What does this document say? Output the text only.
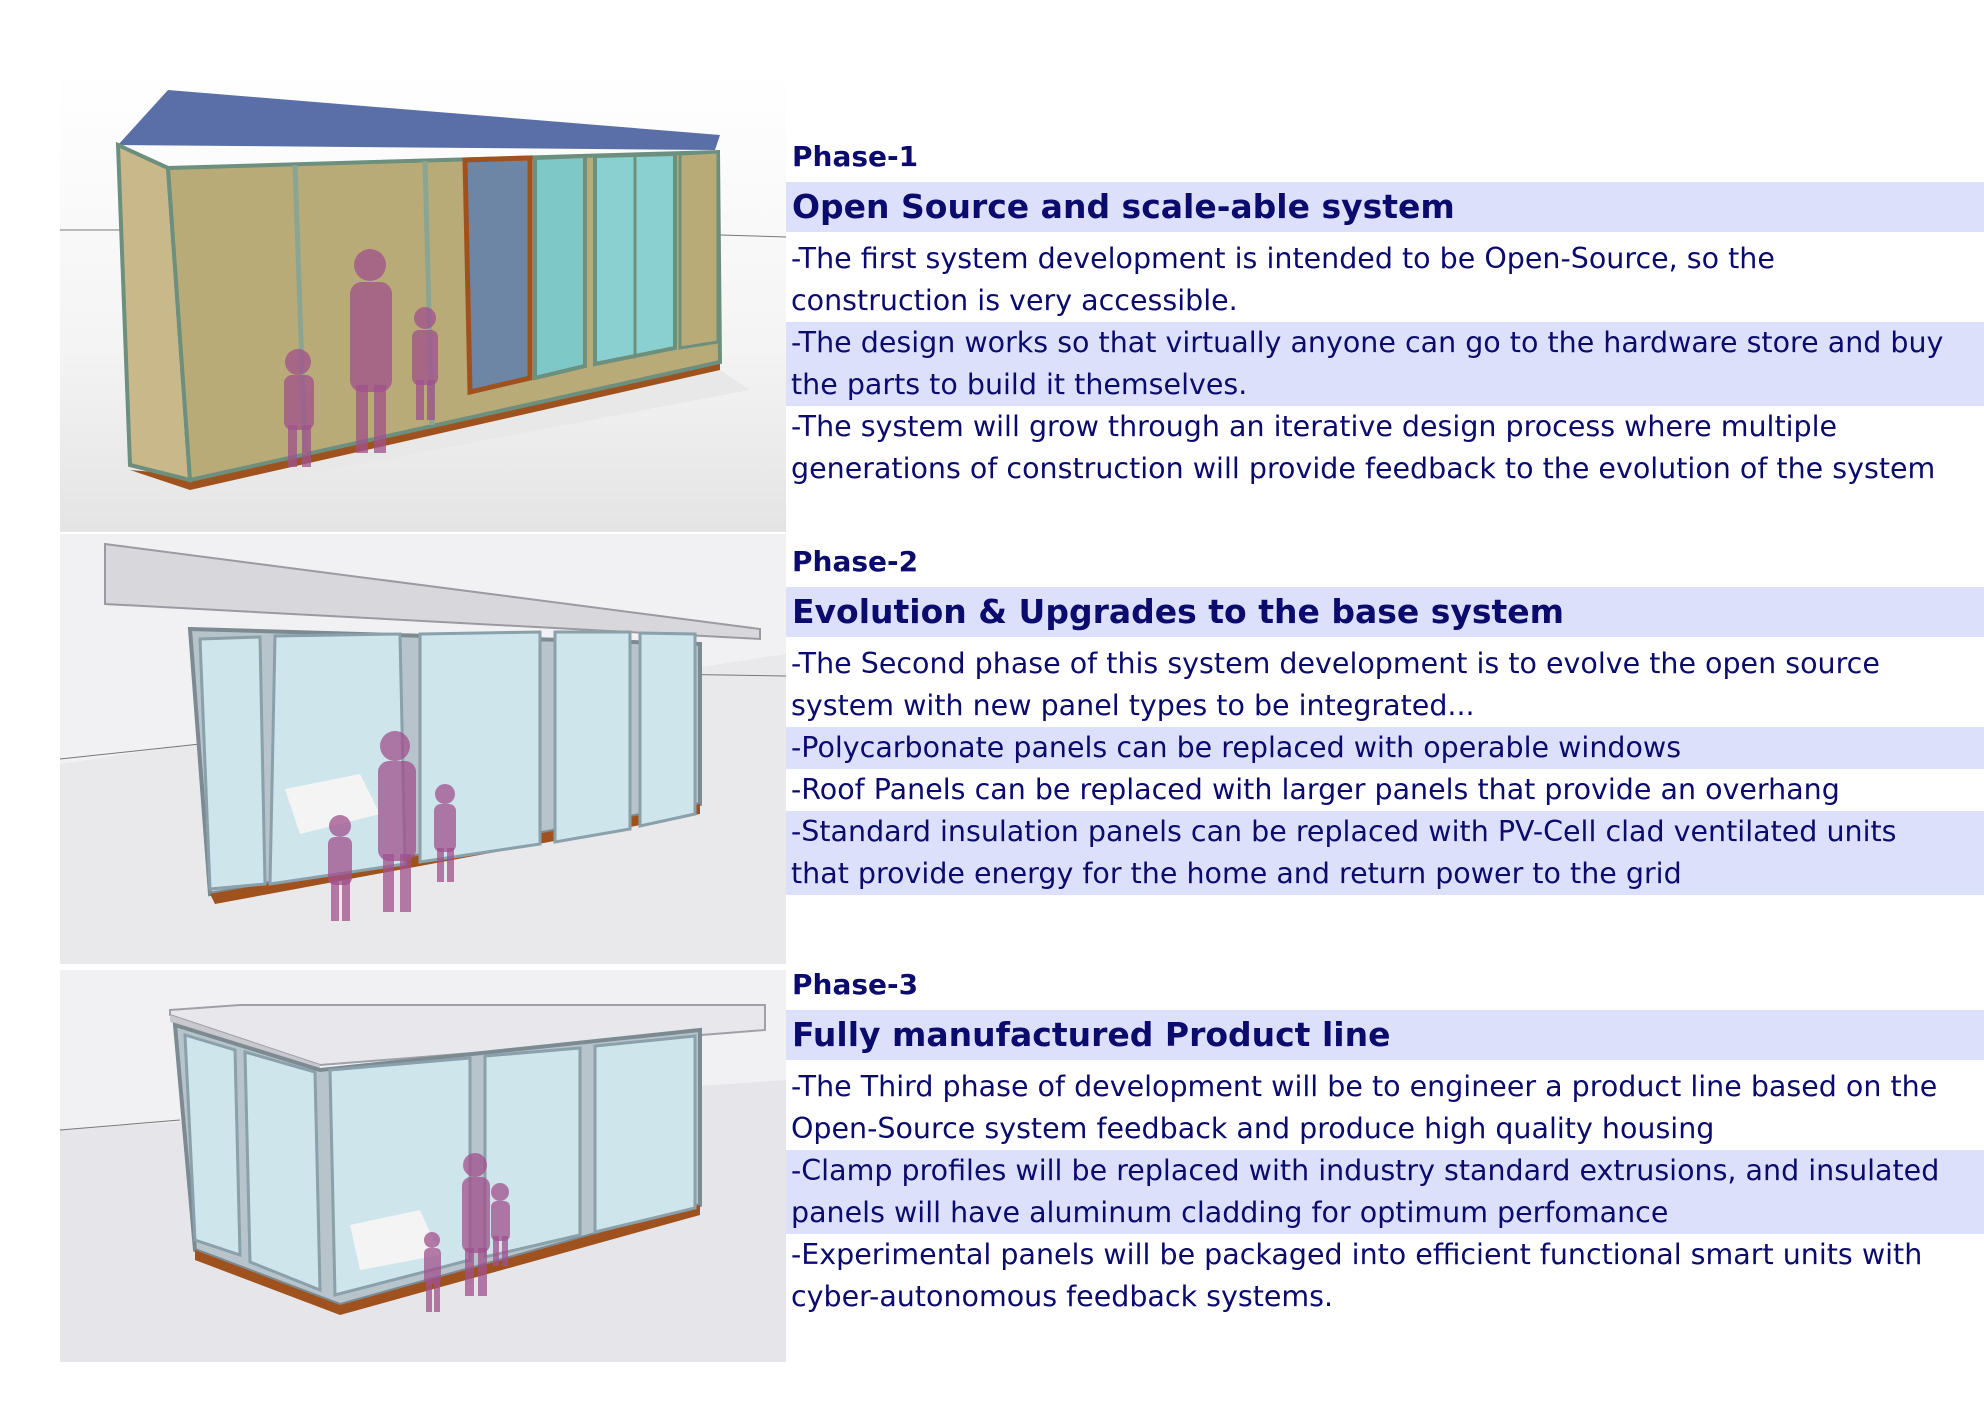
Phase-1
Open Source and scale-able system
-The first system development is intended to be Open-Source, so the construction is very accessible.
-The design works so that virtually anyone can go to the hardware store and buy the parts to build it themselves.
-The system will grow through an iterative design process where multiple generations of construction will provide feedback to the evolution of the system
Phase-2
Evolution & Upgrades to the base system
-The Second phase of this system development is to evolve the open source system with new panel types to be integrated...
-Polycarbonate panels can be replaced with operable windows
-Roof Panels can be replaced with larger panels that provide an overhang
-Standard insulation panels can be replaced with PV-Cell clad ventilated units that provide energy for the home and return power to the grid
Phase-3
Fully manufactured Product line
-The Third phase of development will be to engineer a product line based on the Open-Source system feedback and produce high quality housing
-Clamp profiles will be replaced with industry standard extrusions, and insulated panels will have aluminum cladding for optimum perfomance
-Experimental panels will be packaged into efficient functional smart units with cyber-autonomous feedback systems.
